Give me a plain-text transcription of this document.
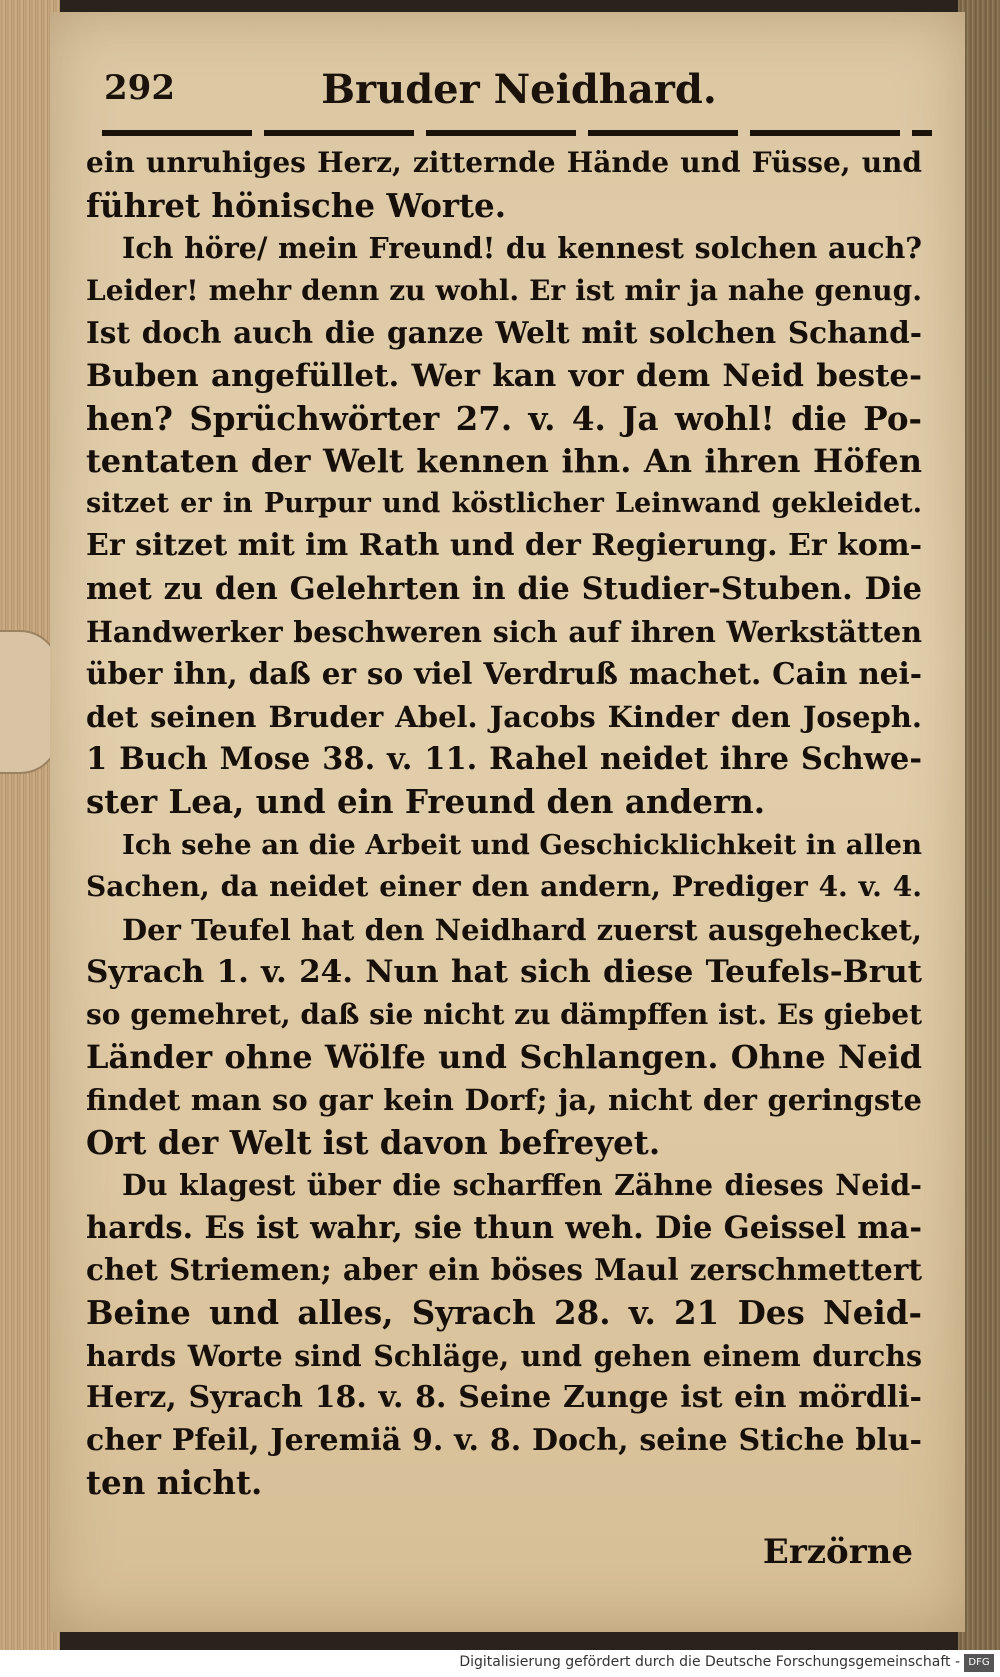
292	Bruder Neidhard.
ein unruhiges Herz, zitternde Hände und Füsse, und
führet hönische Worte.
Ich höre/ mein Freund! du kennest solchen auch?
Leider! mehr denn zu wohl. Er ist mir ja nahe genug.
Ist doch auch die ganze Welt mit solchen Schand-
Buben angefüllet. Wer kan vor dem Neid beste-
hen? Sprüchwörter 27. v. 4. Ja wohl! die Po-
tentaten der Welt kennen ihn. An ihren Höfen
sitzet er in Purpur und köstlicher Leinwand gekleidet.
Er sitzet mit im Rath und der Regierung. Er kom-
met zu den Gelehrten in die Studier-Stuben. Die
Handwerker beschweren sich auf ihren Werkstätten
über ihn, daß er so viel Verdruß machet. Cain nei-
det seinen Bruder Abel. Jacobs Kinder den Joseph.
1 Buch Mose 38. v. 11. Rahel neidet ihre Schwe-
ster Lea, und ein Freund den andern.
Ich sehe an die Arbeit und Geschicklichkeit in allen
Sachen, da neidet einer den andern, Prediger 4. v. 4.
Der Teufel hat den Neidhard zuerst ausgehecket,
Syrach 1. v. 24. Nun hat sich diese Teufels-Brut
so gemehret, daß sie nicht zu dämpffen ist. Es giebet
Länder ohne Wölfe und Schlangen. Ohne Neid
findet man so gar kein Dorf; ja, nicht der geringste
Ort der Welt ist davon befreyet.
Du klagest über die scharffen Zähne dieses Neid-
hards. Es ist wahr, sie thun weh. Die Geissel ma-
chet Striemen; aber ein böses Maul zerschmettert
Beine und alles, Syrach 28. v. 21 Des Neid-
hards Worte sind Schläge, und gehen einem durchs
Herz, Syrach 18. v. 8. Seine Zunge ist ein mördli-
cher Pfeil, Jeremiä 9. v. 8. Doch, seine Stiche blu-
ten nicht.
Erzörne
Digitalisierung gefördert durch die Deutsche Forschungsgemeinschaft - DFG
